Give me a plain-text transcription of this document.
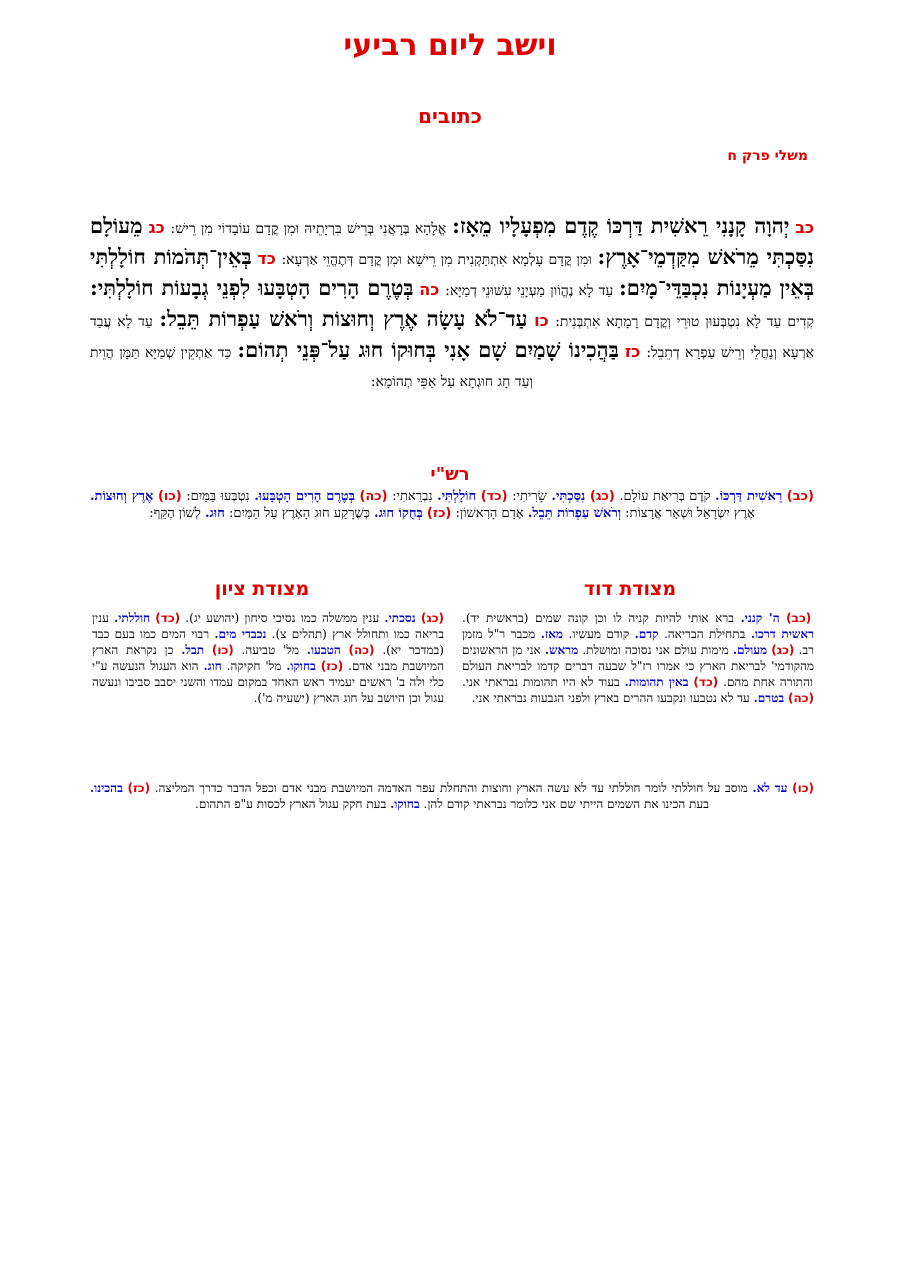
וישב ליום רביעי
כתובים
משלי פרק ח
כב יְהוָה קָנָנִי רֵאשִׁית דַּרְכּוֹ קֶדֶם מִפְעָלָיו מֵאָז: אֱלָהָא בְּרָאֲנִי בְּרֵישׁ בִּרְיָתֵיהּ וּמִן קֳדָם עוֹבָדוֹי מִן רֵישׁ: כג מֵעוֹלָם נִסַּכְתִּי מֵרֹאשׁ מִקַּדְמֵי־אָרֶץ: וּמִן קֳדָם עָלְמָא אִתְתַּקְנִית מִן רֵישָׁא וּמִן קֳדָם דְּתֶהֱוֵי אַרְעָא: כד בְּאֵין־תְּהֹמוֹת חוֹלָלְתִּי בְּאֵין מַעְיָנוֹת נִכְבַּדֵּי־מָיִם: עַד לָא נֶהֱוֹון מַעְיָנֵי עִשּׁוּנֵי דְמַיָּא: כה בְּטֶרֶם הָרִים הָטְבָּעוּ לִפְנֵי גְבָעוֹת חוֹלָלְתִּי: קְדִים עַד לָא נִטְבְּעוּן טוּרֵי וְקֳדָם רָמָתָא אִתְבְּנִית: כו עַד־לֹא עָשָׂה אֶרֶץ וְחוּצוֹת וְרֹאשׁ עַפְרוֹת תֵּבֵל: עַד לָא עֲבַד אַרְעָא וְנַחֲלֵי וְרֵישׁ עַפְרָא דְתֵבֵל: כז בַּהֲכִינוֹ שָׁמַיִם שָׁם אָנִי בְּחוּקוֹ חוּג עַל־פְּנֵי תְהוֹם: כַּד אַתְקֵין שְׁמַיָּא תַּמָּן הֲוֵית וְעַד חָג חוּגְתָא עַל אַפֵּי תְהוֹמָא:
רש"י
(כב) רֵאשִׁית דַּרְכּוֹ. קֹדֶם בְּרִיאַת עוֹלָם. (כג) נִסַּכְתִּי. שָׂרִיתִי: (כד) חוֹלָלְתִּי. נִבְרֵאתִי: (כה) בְּטֶרֶם הָרִים הָטְבָּעוּ. נִטְבְּעוּ בַּמַּיִם: (כו) אֶרֶץ וְחוּצוֹת. אֶרֶץ יִשְׂרָאֵל וּשְׁאָר אֲרָצוֹת: וְרֹאשׁ עַפְרוֹת תֵּבֵל. אָדָם הָרִאשׁוֹן: (כז) בְּחֻקוֹ חוּג. כְּשֶׁרָקַע חוּג הָאָרֶץ עַל הַמַּיִם: חוּג. לְשׁוֹן הֶקֵּף:
מצודת דוד
מצודת ציון
(כב) ה' קנני. ברא אותי להיות קניה לו וכן קונה שמים (בראשית יד). ראשית דרכו. בתחילת הבריאה. קדם. קודם מעשיו. מאז. מכבר ר"ל מזמן רב. (כג) מעולם. מימות עולם אני נסוכה ומושלת. מראש. אני מן הראשונים מהקודמי' לבריאת הארץ כי אמרו רז"ל שבעה דברים קדמו לבריאת העולם והתורה אחת מהם. (כד) באין תהומות. בעוד לא היו תהומות נבראתי אני. (כה) בטרם. עד לא נטבעו ונקבעו ההרים בארץ ולפני הגבעות נבראתי אני.
(כג) נסכתי. ענין ממשלה כמו נסיכי סיחון (יהושע יג). (כד) חוללתי. ענין בריאה כמו ותחולל ארץ (תהלים צ). נכבדי מים. רבוי המים כמו בעם כבד (במדבר יא). (כה) הטבעו. מל' טביעה. (כו) תבל. כן נקראת הארץ המיושבת מבני אדם. (כז) בחוקו. מל' חקיקה. חוג. הוא העגול הנעשה ע"י כלי ולה ב' ראשים יעמיד ראש האחד במקום עמדו והשני יסבב סביבו ונעשה עגול וכן היושב על חוג הארץ (ישעיה מ').
(כו) עד לא. מוסב על חוללתי לומר חוללתי עד לא עשה הארץ וחוצות והתחלת עפר האדמה המיושבת מבני אדם וכפל הדבר כדרך המליצה. (כז) בהכינו. בעת הכינו את השמים הייתי שם אני כלומר נבראתי קודם להן. בחוקו. בעת חקק עגול הארץ לכסות ע"פ התהום.
